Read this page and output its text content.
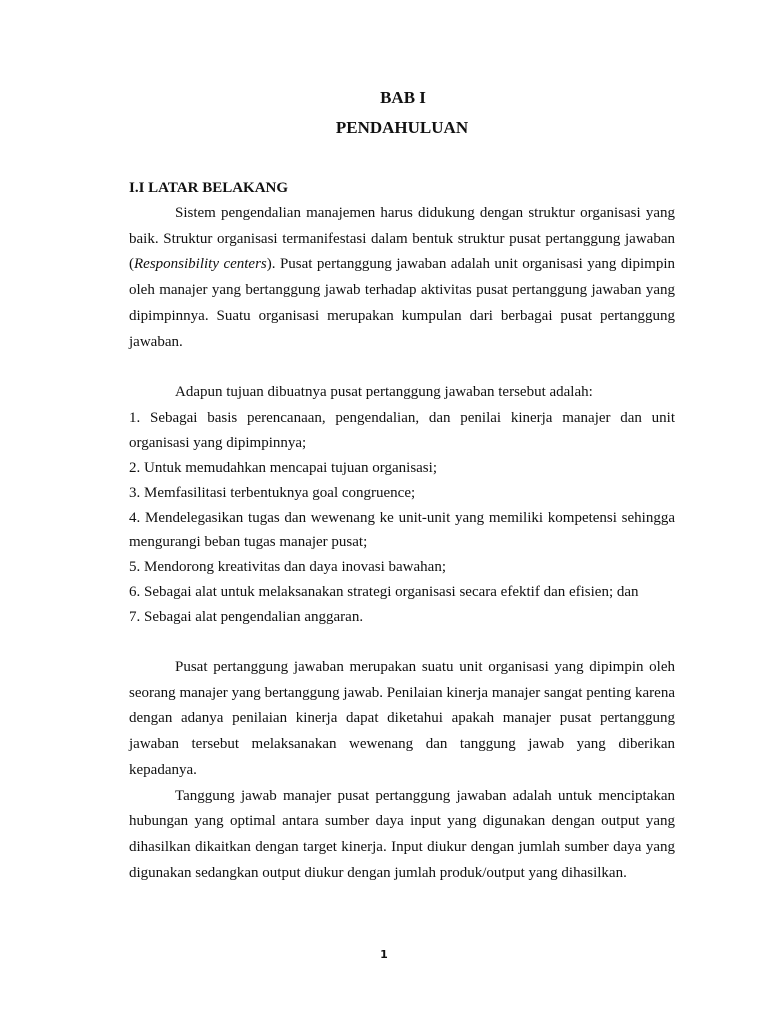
BAB I

PENDAHULUAN

I.I LATAR BELAKANG

Sistem pengendalian manajemen harus didukung dengan struktur organisasi yang baik. Struktur organisasi termanifestasi dalam bentuk struktur pusat pertanggung jawaban (Responsibility centers). Pusat pertanggung jawaban adalah unit organisasi yang dipimpin oleh manajer yang bertanggung jawab terhadap aktivitas pusat pertanggung jawaban yang dipimpinnya. Suatu organisasi merupakan kumpulan dari berbagai pusat pertanggung jawaban.

Adapun tujuan dibuatnya pusat pertanggung jawaban tersebut adalah:

1. Sebagai basis perencanaan, pengendalian, dan penilai kinerja manajer dan unit organisasi yang dipimpinnya;

2. Untuk memudahkan mencapai tujuan organisasi;

3. Memfasilitasi terbentuknya goal congruence;

4. Mendelegasikan tugas dan wewenang ke unit-unit yang memiliki kompetensi sehingga mengurangi beban tugas manajer pusat;

5. Mendorong kreativitas dan daya inovasi bawahan;

6. Sebagai alat untuk melaksanakan strategi organisasi secara efektif dan efisien; dan

7. Sebagai alat pengendalian anggaran.

Pusat pertanggung jawaban merupakan suatu unit organisasi yang dipimpin oleh seorang manajer yang bertanggung jawab. Penilaian kinerja manajer sangat penting karena dengan adanya penilaian kinerja dapat diketahui apakah manajer pusat pertanggung jawaban tersebut melaksanakan wewenang dan tanggung jawab yang diberikan kepadanya.

Tanggung jawab manajer pusat pertanggung jawaban adalah untuk menciptakan hubungan yang optimal antara sumber daya input yang digunakan dengan output yang dihasilkan dikaitkan dengan target kinerja. Input diukur dengan jumlah sumber daya yang digunakan sedangkan output diukur dengan jumlah produk/output yang dihasilkan.

1
